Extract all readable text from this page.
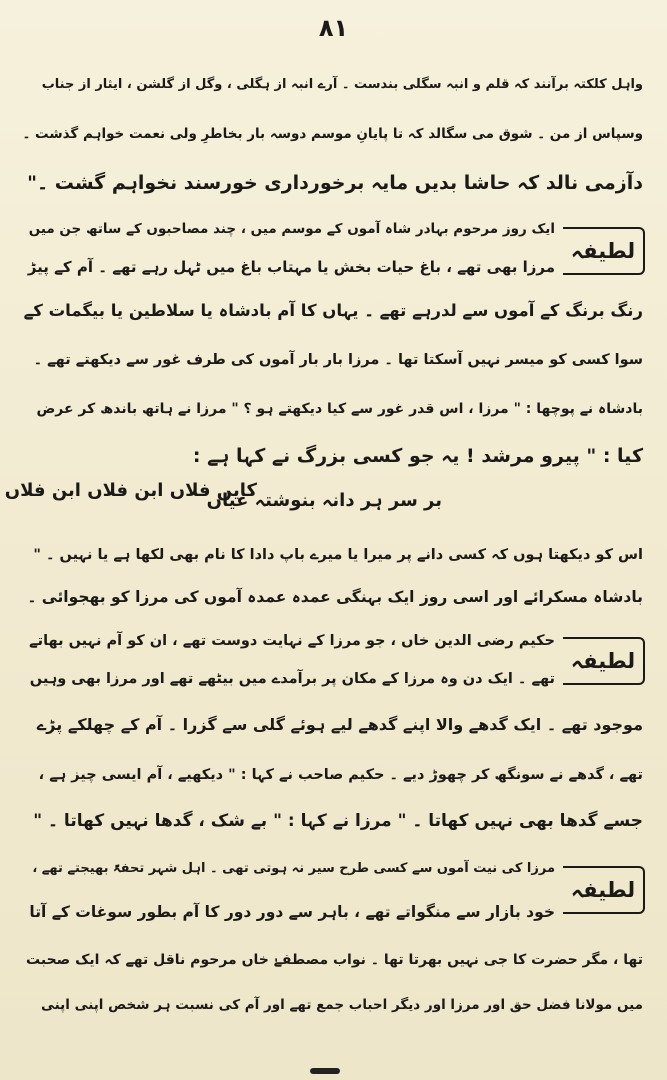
۸۱
واہل کلکتہ برآنند کہ قلم و انبہ سگلی بندست ۔ آرے انبہ از ہگلی ، وگل از گلشن ، ایثار از جناب
وسپاس از من ۔ شوق می سگالد کہ تا پایانِ موسم دوسہ بار بخاطرِ ولی نعمت خواہم گذشت ۔
دآزمی نالد کہ حاشا بدیں مایہ برخورداری خورسند نخواہم گشت ۔"
لطیفہ
ایک روز مرحوم بہادر شاہ آموں کے موسم میں ، چند مصاحبوں کے ساتھ جن میں
مرزا بھی تھے ، باغ حیات بخش یا مہتاب باغ میں ٹہل رہے تھے ۔ آم کے پیڑ
رنگ برنگ کے آموں سے لدرہے تھے ۔ یہاں کا آم بادشاہ یا سلاطین یا بیگمات کے
سوا کسی کو میسر نہیں آسکتا تھا ۔ مرزا بار بار آموں کی طرف غور سے دیکھتے تھے ۔
بادشاہ نے پوچھا : " مرزا ، اس قدر غور سے کیا دیکھتے ہو ؟ " مرزا نے ہاتھ باندھ کر عرض
کیا : " پیرو مرشد ! یہ جو کسی بزرگ نے کہا ہے :
بر سر ہر دانہ بنوشتہ عیاں
کایں فلاں ابن فلاں ابن فلاں
اس کو دیکھتا ہوں کہ کسی دانے پر میرا یا میرے باپ دادا کا نام بھی لکھا ہے یا نہیں ۔ "
بادشاہ مسکرائے اور اسی روز ایک بہنگی عمدہ عمدہ آموں کی مرزا کو بھجوائی ۔
لطیفہ
حکیم رضی الدین خاں ، جو مرزا کے نہایت دوست تھے ، ان کو آم نہیں بھاتے
تھے ۔ ایک دن وہ مرزا کے مکان پر برآمدے میں بیٹھے تھے اور مرزا بھی وہیں
موجود تھے ۔ ایک گدھے والا اپنے گدھے لیے ہوئے گلی سے گزرا ۔ آم کے چھلکے پڑے
تھے ، گدھے نے سونگھ کر چھوڑ دیے ۔ حکیم صاحب نے کہا : " دیکھیے ، آم ایسی چیز ہے ،
جسے گدھا بھی نہیں کھاتا ۔ " مرزا نے کہا : " بے شک ، گدھا نہیں کھاتا ۔ "
لطیفہ
مرزا کی نیت آموں سے کسی طرح سیر نہ ہوتی تھی ۔ اہل شہر تحفۃً بھیجتے تھے ،
خود بازار سے منگواتے تھے ، باہر سے دور دور کا آم بطور سوغات کے آتا
تھا ، مگر حضرت کا جی نہیں بھرتا تھا ۔ نواب مصطفےٰ خاں مرحوم ناقل تھے کہ ایک صحبت
میں مولانا فضل حق اور مرزا اور دیگر احباب جمع تھے اور آم کی نسبت ہر شخص اپنی اپنی
